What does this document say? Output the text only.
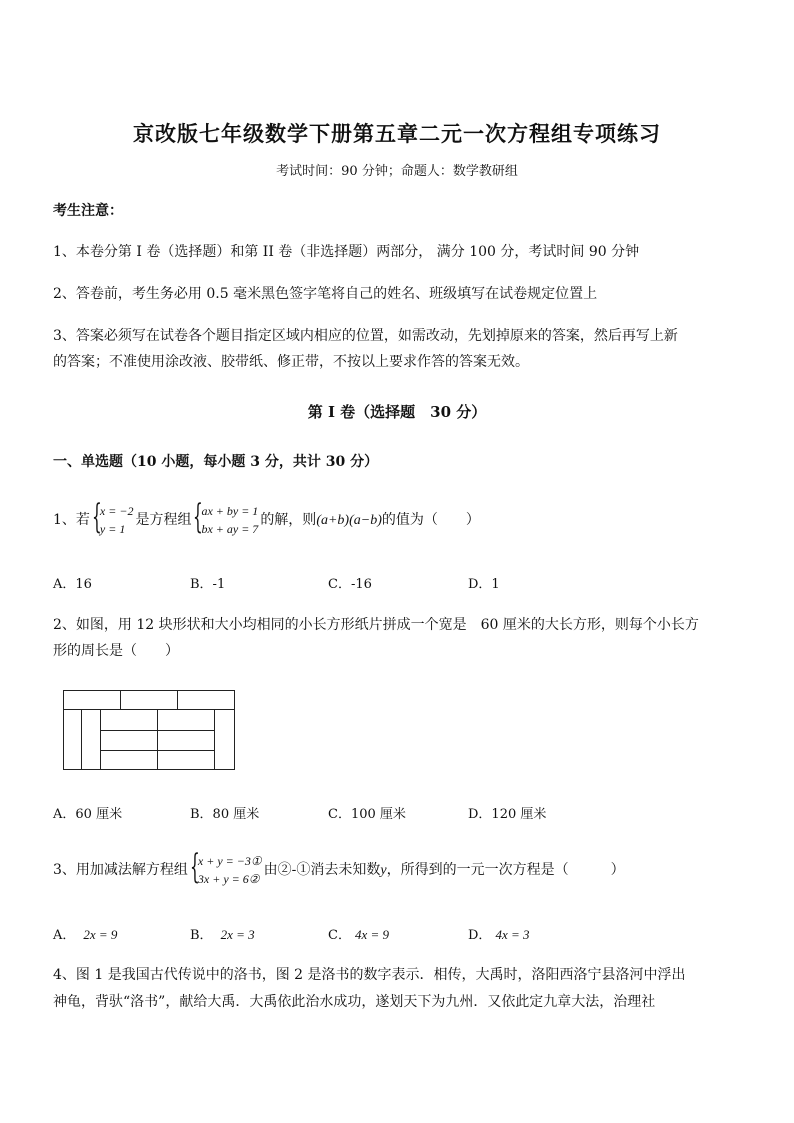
京改版七年级数学下册第五章二元一次方程组专项练习
考试时间：90 分钟；命题人：数学教研组
考生注意：
1、本卷分第 I 卷（选择题）和第 II 卷（非选择题）两部分， 满分 100 分，考试时间 90 分钟
2、答卷前，考生务必用 0.5 毫米黑色签字笔将自己的姓名、班级填写在试卷规定位置上
3、答案必须写在试卷各个题目指定区域内相应的位置，如需改动，先划掉原来的答案，然后再写上新
的答案；不准使用涂改液、胶带纸、修正带，不按以上要求作答的答案无效。
第 I 卷（选择题　30 分）
一、单选题（10 小题，每小题 3 分，共计 30 分）
1、若 {
x = −2
y = 1
是方程组 {
ax + by = 1
bx + ay = 7
的解，则(a+b)(a−b)的值为（　　）
A．16	B．-1	C．-16	D．1
2、如图，用 12 块形状和大小均相同的小长方形纸片拼成一个宽是　60 厘米的大长方形，则每个小长方
形的周长是（　　）
A．60 厘米	B．80 厘米	C．100 厘米	D．120 厘米
3、用加减法解方程组 {
x + y = −3①
3x + y = 6②
由②-①消去未知数y，所得到的一元一次方程是（　　　）
A． 2x = 9	B． 2x = 3	C． 4x = 9	D． 4x = 3
4、图 1 是我国古代传说中的洛书，图 2 是洛书的数字表示．相传，大禹时，洛阳西洛宁县洛河中浮出
神龟，背驮“洛书”，献给大禹．大禹依此治水成功，遂划天下为九州．又依此定九章大法，治理社
